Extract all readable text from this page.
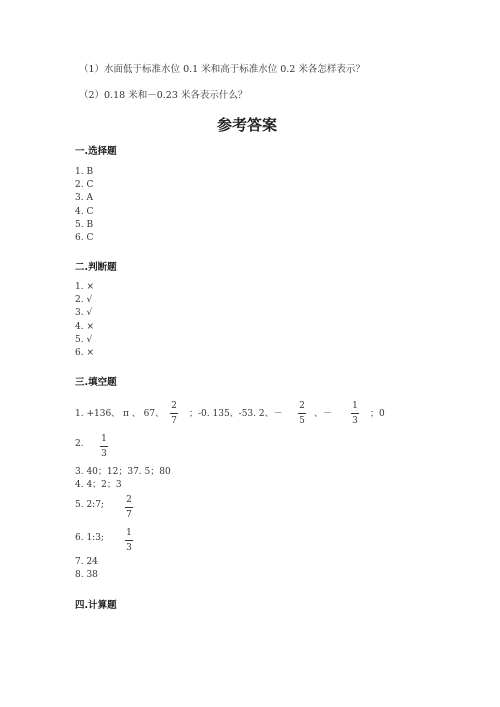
（1）水面低于标准水位 0.1 米和高于标准水位 0.2 米各怎样表示？
（2）0.18 米和－0.23 米各表示什么？
参考答案
一.选择题
1. B
2. C
3. A
4. C
5. B
6. C
二.判断题
1. ×
2. √
3. √
4. ×
5. √
6. ×
三.填空题
1. +136、 π 、 67、
2
7
；-0. 135、-53. 2、－
2
5
、－
1
3
；0
2. 1
3
3. 40；12；37. 5；80
4. 4；2；3
5. 2:7; 2
7
6. 1:3; 1
3
7. 24
8. 38
四.计算题
